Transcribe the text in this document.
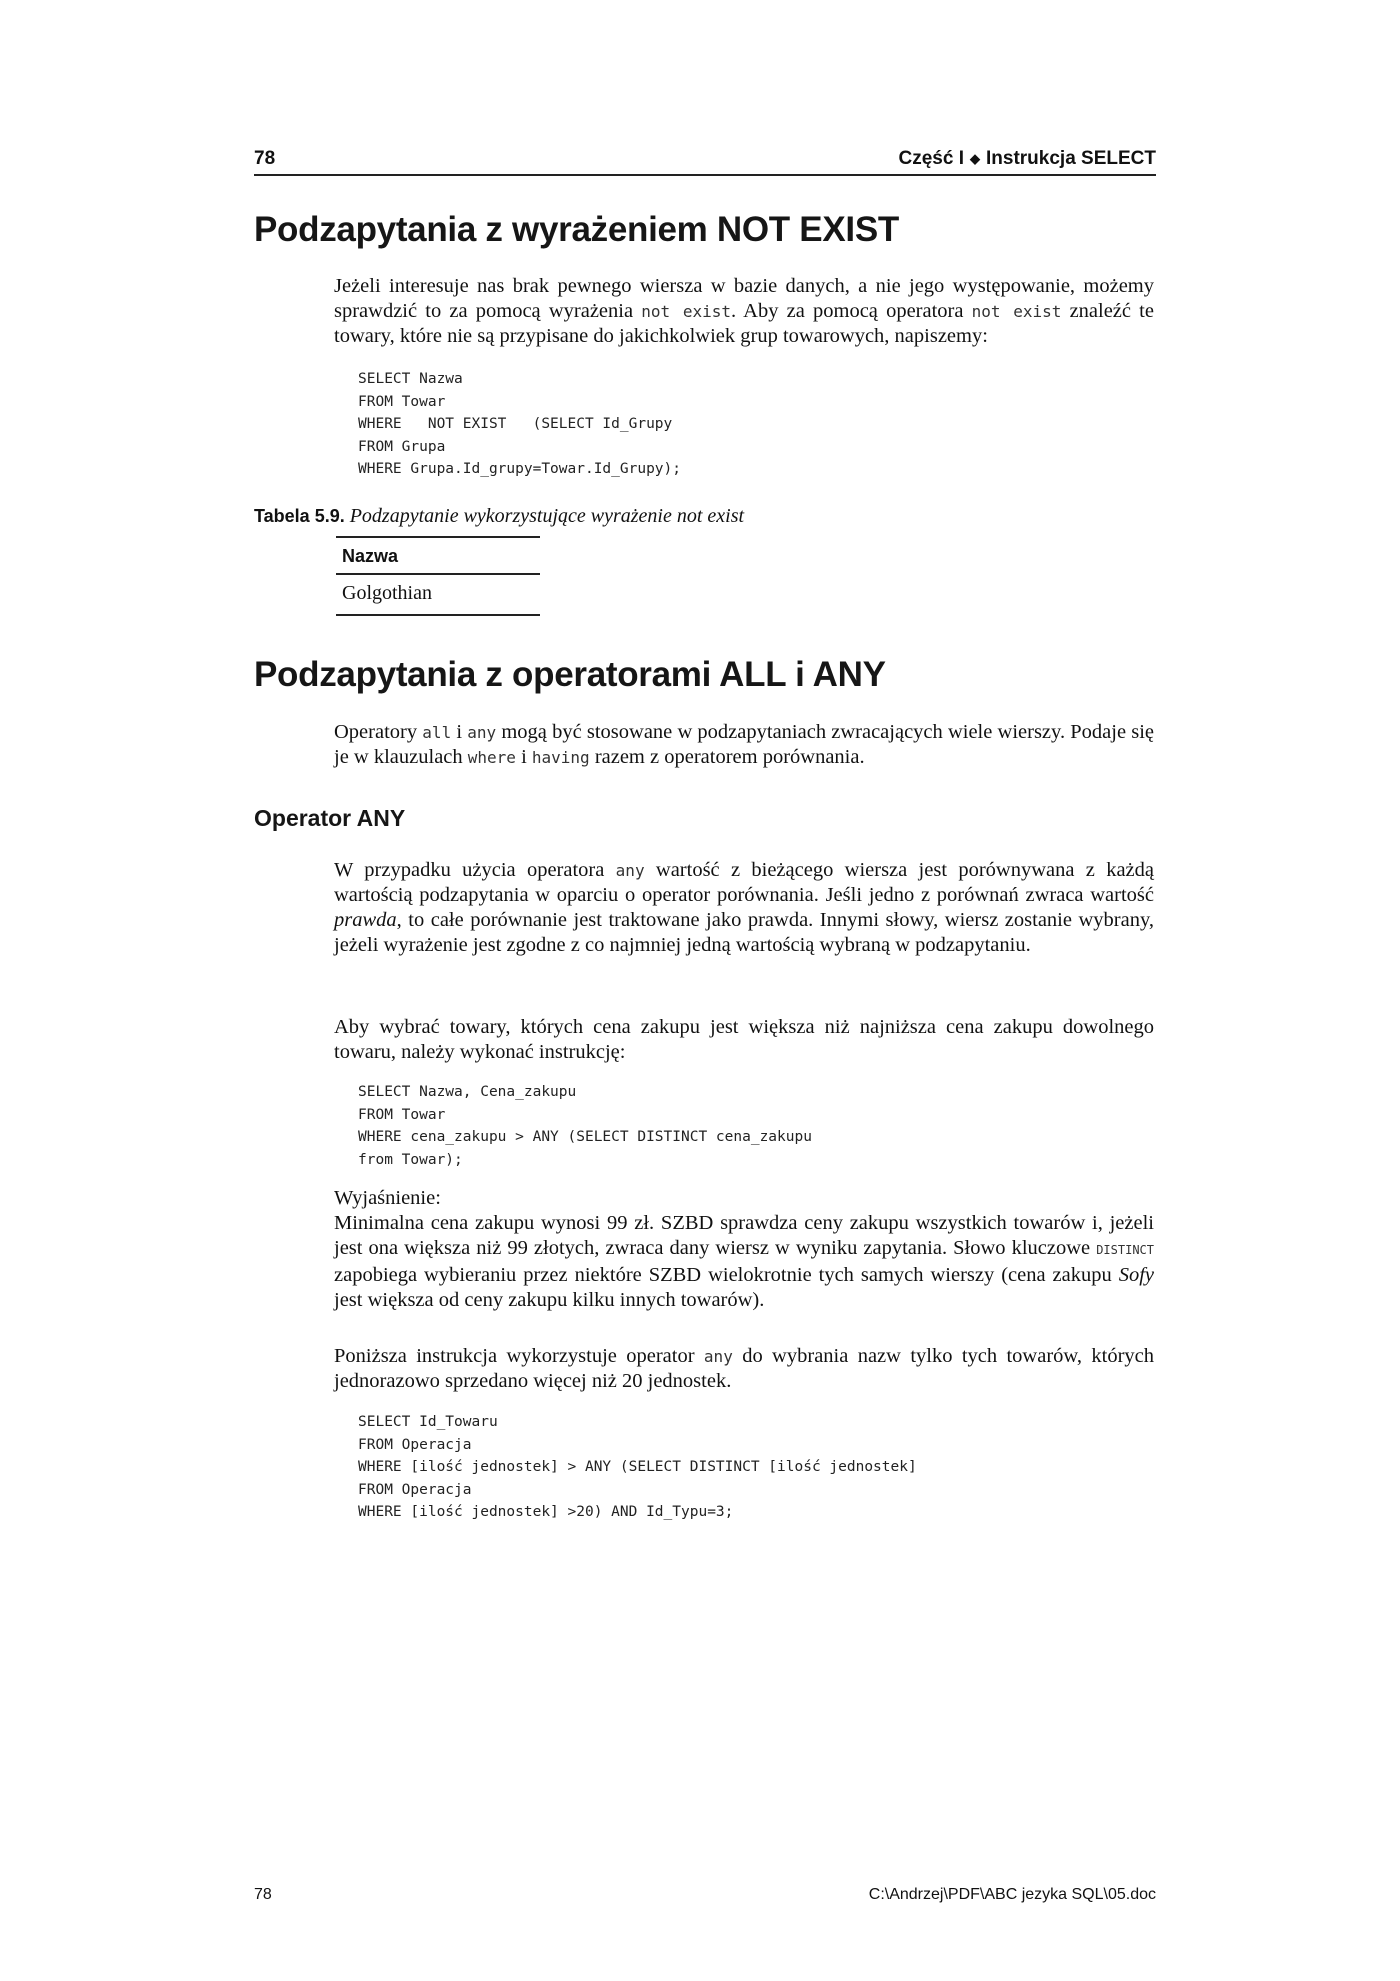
78	Część I ◆ Instrukcja SELECT
Podzapytania z wyrażeniem NOT EXIST

Jeżeli interesuje nas brak pewnego wiersza w bazie danych, a nie jego występowanie, możemy sprawdzić to za pomocą wyrażenia not exist. Aby za pomocą operatora not exist znaleźć te towary, które nie są przypisane do jakichkolwiek grup towarowych, napiszemy:

SELECT Nazwa
FROM Towar
WHERE   NOT EXIST   (SELECT Id_Grupy
FROM Grupa
WHERE Grupa.Id_grupy=Towar.Id_Grupy);
Tabela 5.9. Podzapytanie wykorzystujące wyrażenie not exist
Nazwa
Golgothian
Podzapytania z operatorami ALL i ANY

Operatory all i any mogą być stosowane w podzapytaniach zwracających wiele wierszy. Podaje się je w klauzulach where i having razem z operatorem porównania.

Operator ANY

W przypadku użycia operatora any wartość z bieżącego wiersza jest porównywana z każdą wartością podzapytania w oparciu o operator porównania. Jeśli jedno z porównań zwraca wartość prawda, to całe porównanie jest traktowane jako prawda. Innymi słowy, wiersz zostanie wybrany, jeżeli wyrażenie jest zgodne z co najmniej jedną wartością wybraną w podzapytaniu.

Aby wybrać towary, których cena zakupu jest większa niż najniższa cena zakupu dowolnego towaru, należy wykonać instrukcję:

SELECT Nazwa, Cena_zakupu
FROM Towar
WHERE cena_zakupu > ANY (SELECT DISTINCT cena_zakupu
from Towar);

Wyjaśnienie:

Minimalna cena zakupu wynosi 99 zł. SZBD sprawdza ceny zakupu wszystkich towarów i, jeżeli jest ona większa niż 99 złotych, zwraca dany wiersz w wyniku zapytania. Słowo kluczowe DISTINCT zapobiega wybieraniu przez niektóre SZBD wielokrotnie tych samych wierszy (cena zakupu Sofy jest większa od ceny zakupu kilku innych towarów).

Poniższa instrukcja wykorzystuje operator any do wybrania nazw tylko tych towarów, których jednorazowo sprzedano więcej niż 20 jednostek.

SELECT Id_Towaru
FROM Operacja
WHERE [ilość jednostek] > ANY (SELECT DISTINCT [ilość jednostek]
FROM Operacja
WHERE [ilość jednostek] >20) AND Id_Typu=3;
78	C:\Andrzej\PDF\ABC jezyka SQL\05.doc
